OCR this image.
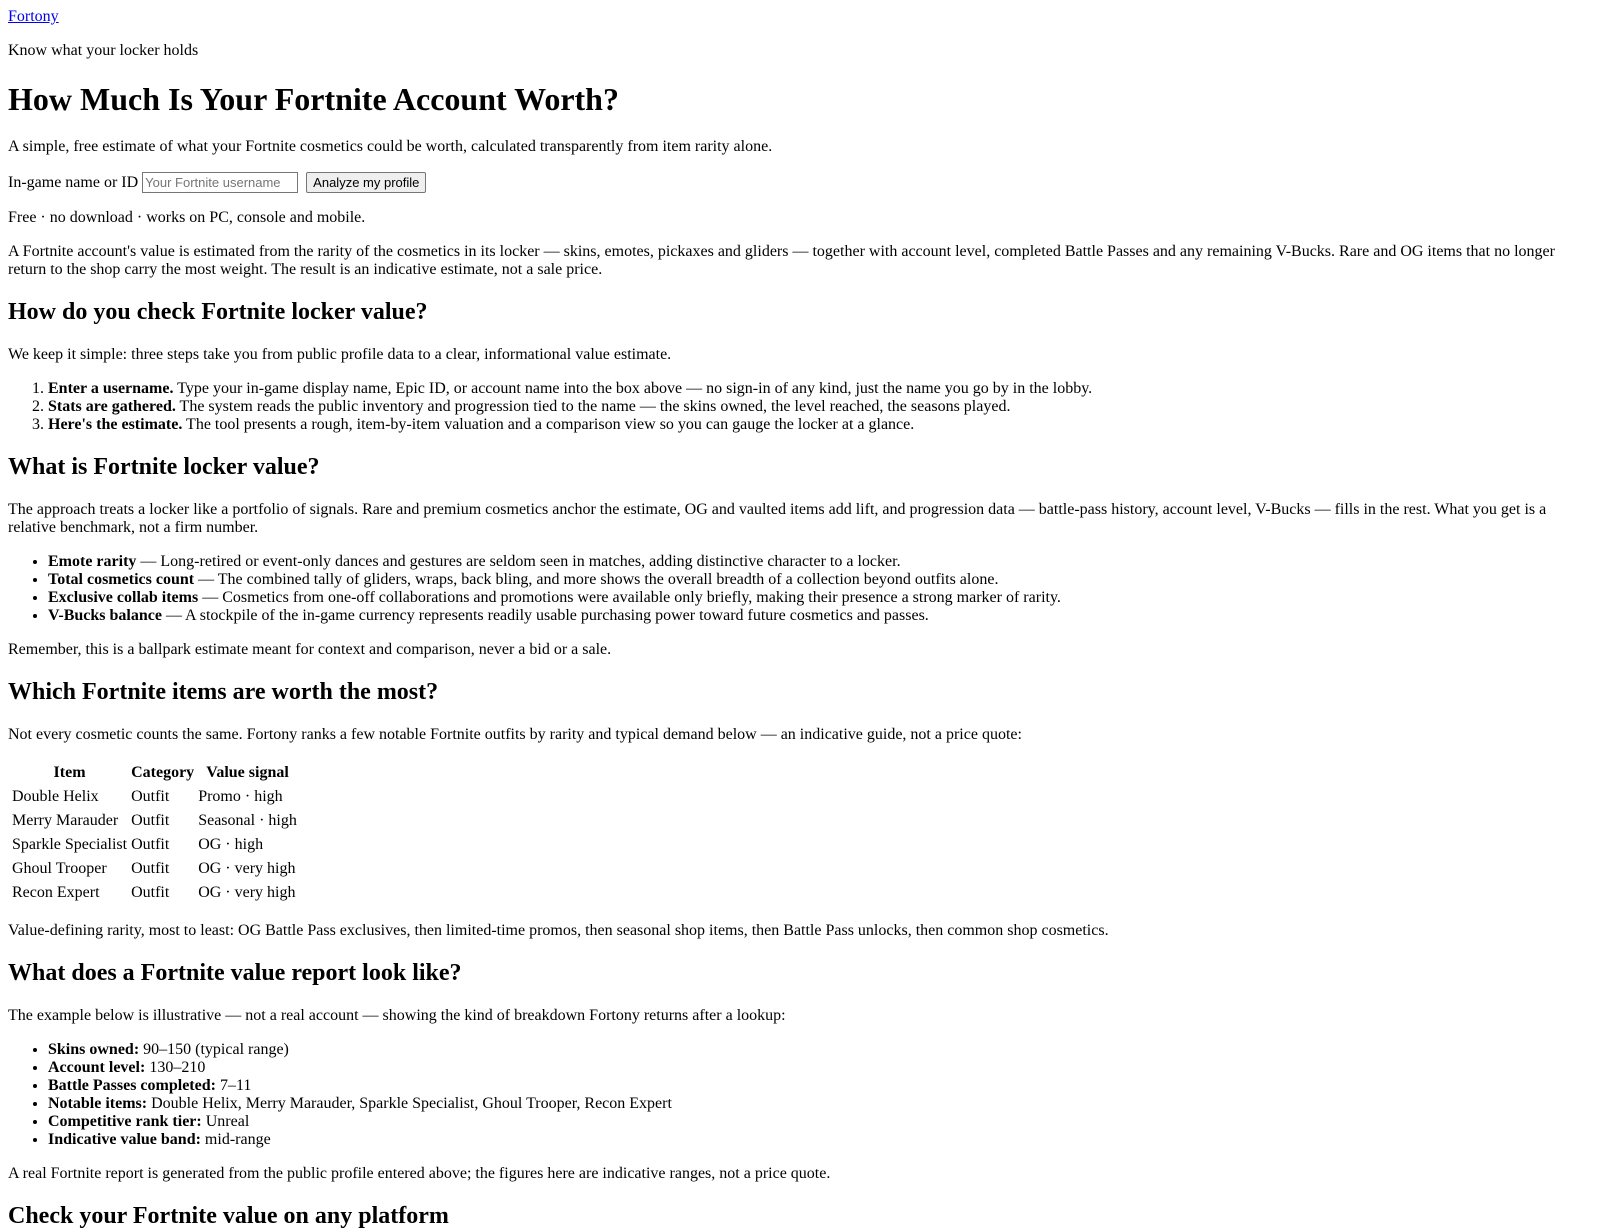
Fortony

Know what your locker holds

How Much Is Your Fortnite Account Worth?

A simple, free estimate of what your Fortnite cosmetics could be worth, calculated transparently from item rarity alone.

In-game name or ID
Your Fortnite username	Analyze my profile

Free · no download · works on PC, console and mobile.

A Fortnite account's value is estimated from the rarity of the cosmetics in its locker — skins, emotes, pickaxes and gliders — together with account level, completed Battle Passes and any remaining V-Bucks. Rare and OG items that no longer return to the shop carry the most weight. The result is an indicative estimate, not a sale price.

How do you check Fortnite locker value?

We keep it simple: three steps take you from public profile data to a clear, informational value estimate.

1. Enter a username. Type your in-game display name, Epic ID, or account name into the box above — no sign-in of any kind, just the name you go by in the lobby.
2. Stats are gathered. The system reads the public inventory and progression tied to the name — the skins owned, the level reached, the seasons played.
3. Here's the estimate. The tool presents a rough, item-by-item valuation and a comparison view so you can gauge the locker at a glance.
What is Fortnite locker value?

The approach treats a locker like a portfolio of signals. Rare and premium cosmetics anchor the estimate, OG and vaulted items add lift, and progression data — battle-pass history, account level, V-Bucks — fills in the rest. What you get is a relative benchmark, not a firm number.

• Emote rarity — Long-retired or event-only dances and gestures are seldom seen in matches, adding distinctive character to a locker.
• Total cosmetics count — The combined tally of gliders, wraps, back bling, and more shows the overall breadth of a collection beyond outfits alone.
• Exclusive collab items — Cosmetics from one-off collaborations and promotions were available only briefly, making their presence a strong marker of rarity.
• V-Bucks balance — A stockpile of the in-game currency represents readily usable purchasing power toward future cosmetics and passes.

Remember, this is a ballpark estimate meant for context and comparison, never a bid or a sale.

Which Fortnite items are worth the most?

Not every cosmetic counts the same. Fortony ranks a few notable Fortnite outfits by rarity and typical demand below — an indicative guide, not a price quote:

Item	Category	Value signal
Double Helix	Outfit	Promo · high
Merry Marauder	Outfit	Seasonal · high
Sparkle Specialist	Outfit	OG · high
Ghoul Trooper	Outfit	OG · very high
Recon Expert	Outfit	OG · very high

Value-defining rarity, most to least: OG Battle Pass exclusives, then limited-time promos, then seasonal shop items, then Battle Pass unlocks, then common shop cosmetics.

What does a Fortnite value report look like?

The example below is illustrative — not a real account — showing the kind of breakdown Fortony returns after a lookup:

• Skins owned: 90–150 (typical range)
• Account level: 130–210
• Battle Passes completed: 7–11
• Notable items: Double Helix, Merry Marauder, Sparkle Specialist, Ghoul Trooper, Recon Expert
• Competitive rank tier: Unreal
• Indicative value band: mid-range

A real Fortnite report is generated from the public profile entered above; the figures here are indicative ranges, not a price quote.

Check your Fortnite value on any platform
